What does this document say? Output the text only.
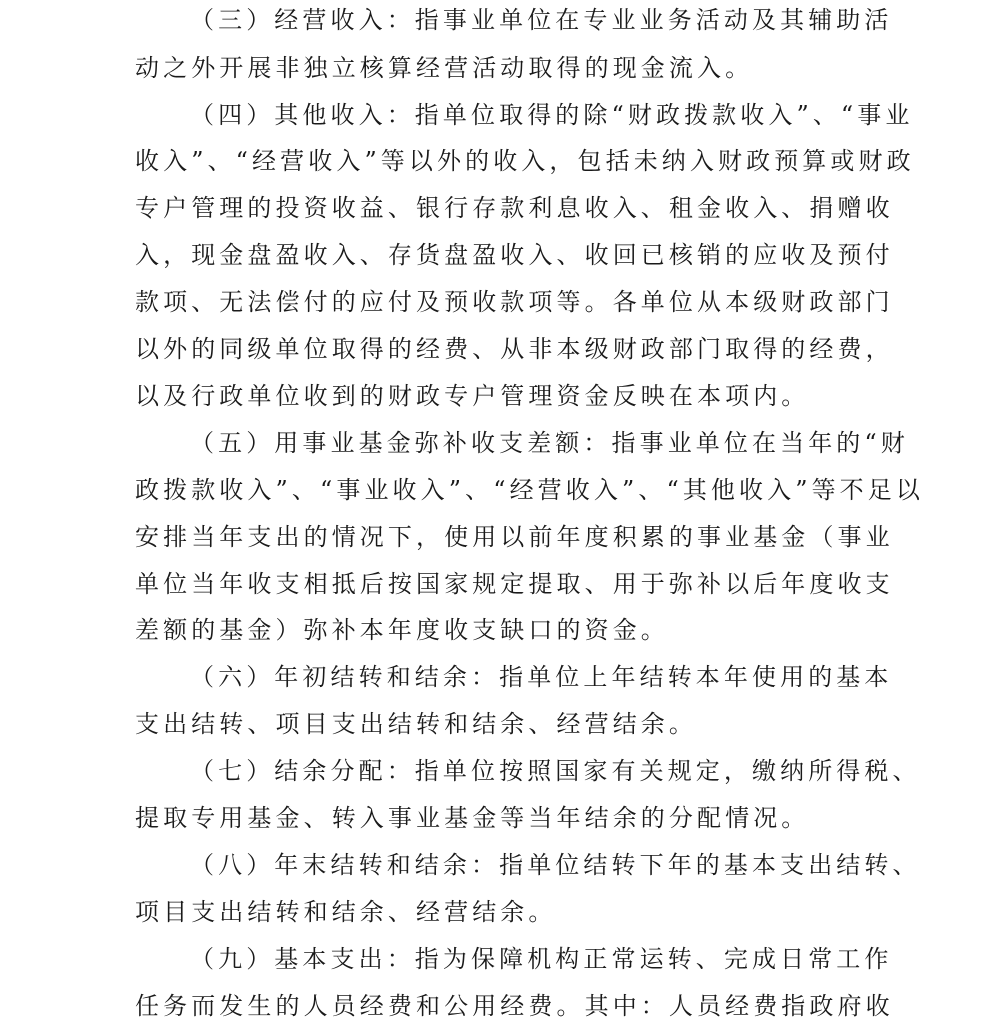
（三）经营收入：指事业单位在专业业务活动及其辅助活
动之外开展非独立核算经营活动取得的现金流入。
（四）其他收入：指单位取得的除“财政拨款收入”、“事业
收入”、“经营收入”等以外的收入，包括未纳入财政预算或财政
专户管理的投资收益、银行存款利息收入、租金收入、捐赠收
入，现金盘盈收入、存货盘盈收入、收回已核销的应收及预付
款项、无法偿付的应付及预收款项等。各单位从本级财政部门
以外的同级单位取得的经费、从非本级财政部门取得的经费，
以及行政单位收到的财政专户管理资金反映在本项内。
（五）用事业基金弥补收支差额：指事业单位在当年的“财
政拨款收入”、“事业收入”、“经营收入”、“其他收入”等不足以
安排当年支出的情况下，使用以前年度积累的事业基金（事业
单位当年收支相抵后按国家规定提取、用于弥补以后年度收支
差额的基金）弥补本年度收支缺口的资金。
（六）年初结转和结余：指单位上年结转本年使用的基本
支出结转、项目支出结转和结余、经营结余。
（七）结余分配：指单位按照国家有关规定，缴纳所得税、
提取专用基金、转入事业基金等当年结余的分配情况。
（八）年末结转和结余：指单位结转下年的基本支出结转、
项目支出结转和结余、经营结余。
（九）基本支出：指为保障机构正常运转、完成日常工作
任务而发生的人员经费和公用经费。其中：人员经费指政府收
